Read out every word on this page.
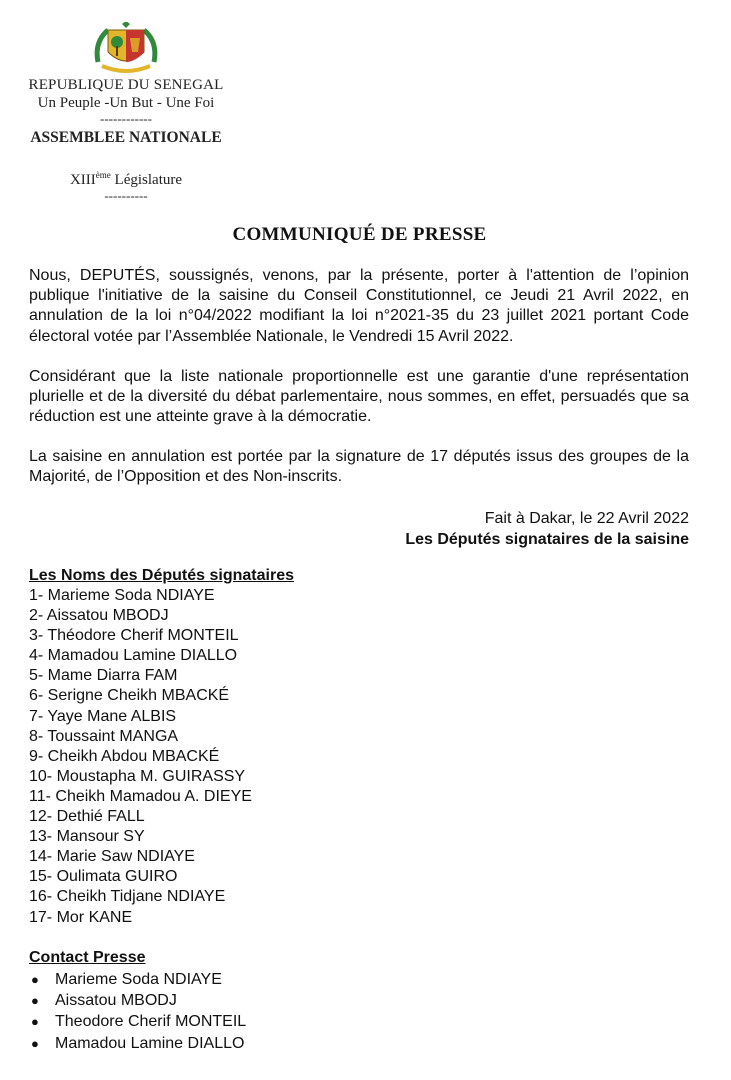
REPUBLIQUE DU SENEGAL
Un Peuple -Un But - Une Foi
------------
ASSEMBLEE NATIONALE
XIIIème Législature
----------
COMMUNIQUÉ DE PRESSE

Nous, DEPUTÉS, soussignés, venons, par la présente, porter à l'attention de l’opinion publique l'initiative de la saisine du Conseil Constitutionnel, ce Jeudi 21 Avril 2022, en annulation de la loi n°04/2022 modifiant la loi n°2021-35 du 23 juillet 2021 portant Code électoral votée par l’Assemblée Nationale, le Vendredi 15 Avril 2022.

Considérant que la liste nationale proportionnelle est une garantie d'une représentation plurielle et de la diversité du débat parlementaire, nous sommes, en effet, persuadés que sa réduction est une atteinte grave à la démocratie.

La saisine en annulation est portée par la signature de 17 députés issus des groupes de la Majorité, de l’Opposition et des Non-inscrits.

Fait à Dakar, le 22 Avril 2022
Les Députés signataires de la saisine
Les Noms des Députés signataires
1- Marieme Soda NDIAYE
2- Aissatou MBODJ
3- Théodore Cherif MONTEIL
4- Mamadou Lamine DIALLO
5- Mame Diarra FAM
6- Serigne Cheikh MBACKÉ
7- Yaye Mane ALBIS
8- Toussaint MANGA
9- Cheikh Abdou MBACKÉ
10- Moustapha M. GUIRASSY
11- Cheikh Mamadou A. DIEYE
12- Dethié FALL
13- Mansour SY
14- Marie Saw NDIAYE
15- Oulimata GUIRO
16- Cheikh Tidjane NDIAYE
17- Mor KANE
Contact Presse
● Marieme Soda NDIAYE
● Aissatou MBODJ
● Theodore Cherif MONTEIL
● Mamadou Lamine DIALLO
